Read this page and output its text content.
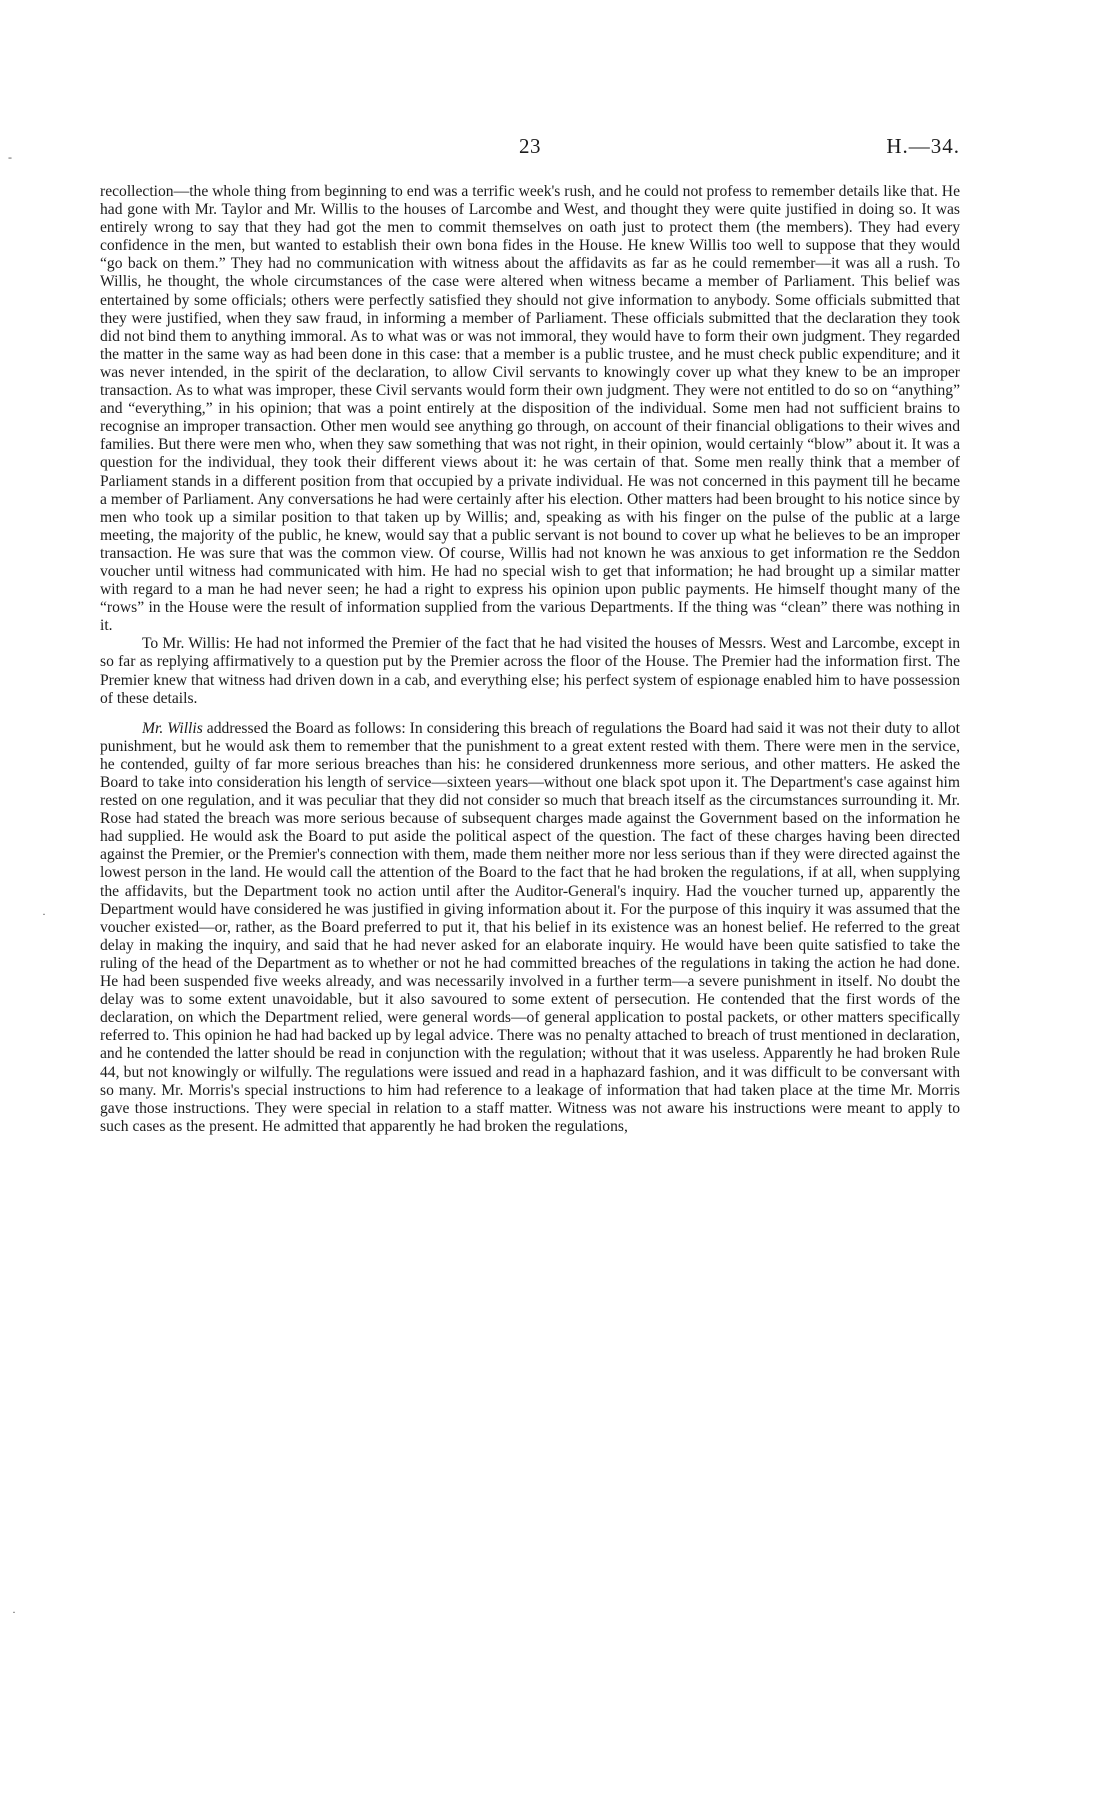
-
·
·
23	H.—34.

recollection—the whole thing from beginning to end was a terrific week's rush, and he could not profess to remember details like that. He had gone with Mr. Taylor and Mr. Willis to the houses of Larcombe and West, and thought they were quite justified in doing so. It was entirely wrong to say that they had got the men to commit themselves on oath just to protect them (the members). They had every confidence in the men, but wanted to establish their own bona fides in the House. He knew Willis too well to suppose that they would “go back on them.” They had no communication with witness about the affidavits as far as he could remember—it was all a rush. To Willis, he thought, the whole circumstances of the case were altered when witness became a member of Parliament. This belief was entertained by some officials; others were perfectly satisfied they should not give information to anybody. Some officials submitted that they were justified, when they saw fraud, in informing a member of Parliament. These officials submitted that the declaration they took did not bind them to anything immoral. As to what was or was not immoral, they would have to form their own judgment. They regarded the matter in the same way as had been done in this case: that a member is a public trustee, and he must check public expenditure; and it was never intended, in the spirit of the declaration, to allow Civil servants to knowingly cover up what they knew to be an improper transaction. As to what was improper, these Civil servants would form their own judgment. They were not entitled to do so on “anything” and “everything,” in his opinion; that was a point entirely at the disposition of the individual. Some men had not sufficient brains to recognise an improper transaction. Other men would see anything go through, on account of their financial obligations to their wives and families. But there were men who, when they saw something that was not right, in their opinion, would certainly “blow” about it. It was a question for the individual, they took their different views about it: he was certain of that. Some men really think that a member of Parliament stands in a different position from that occupied by a private individual. He was not concerned in this payment till he became a member of Parliament. Any conversations he had were certainly after his election. Other matters had been brought to his notice since by men who took up a similar position to that taken up by Willis; and, speaking as with his finger on the pulse of the public at a large meeting, the majority of the public, he knew, would say that a public servant is not bound to cover up what he believes to be an improper transaction. He was sure that was the common view. Of course, Willis had not known he was anxious to get information re the Seddon voucher until witness had communicated with him. He had no special wish to get that information; he had brought up a similar matter with regard to a man he had never seen; he had a right to express his opinion upon public payments. He himself thought many of the “rows” in the House were the result of information supplied from the various Departments. If the thing was “clean” there was nothing in it.

To Mr. Willis: He had not informed the Premier of the fact that he had visited the houses of Messrs. West and Larcombe, except in so far as replying affirmatively to a question put by the Premier across the floor of the House. The Premier had the information first. The Premier knew that witness had driven down in a cab, and everything else; his perfect system of espionage enabled him to have possession of these details.

Mr. Willis addressed the Board as follows: In considering this breach of regulations the Board had said it was not their duty to allot punishment, but he would ask them to remember that the punishment to a great extent rested with them. There were men in the service, he contended, guilty of far more serious breaches than his: he considered drunkenness more serious, and other matters. He asked the Board to take into consideration his length of service—sixteen years—without one black spot upon it. The Department's case against him rested on one regulation, and it was peculiar that they did not consider so much that breach itself as the circumstances surrounding it. Mr. Rose had stated the breach was more serious because of subsequent charges made against the Government based on the information he had supplied. He would ask the Board to put aside the political aspect of the question. The fact of these charges having been directed against the Premier, or the Premier's connection with them, made them neither more nor less serious than if they were directed against the lowest person in the land. He would call the attention of the Board to the fact that he had broken the regulations, if at all, when supplying the affidavits, but the Department took no action until after the Auditor-General's inquiry. Had the voucher turned up, apparently the Department would have considered he was justified in giving information about it. For the purpose of this inquiry it was assumed that the voucher existed—or, rather, as the Board preferred to put it, that his belief in its existence was an honest belief. He referred to the great delay in making the inquiry, and said that he had never asked for an elaborate inquiry. He would have been quite satisfied to take the ruling of the head of the Department as to whether or not he had committed breaches of the regulations in taking the action he had done. He had been suspended five weeks already, and was necessarily involved in a further term—a severe punishment in itself. No doubt the delay was to some extent unavoidable, but it also savoured to some extent of persecution. He contended that the first words of the declaration, on which the Department relied, were general words—of general application to postal packets, or other matters specifically referred to. This opinion he had had backed up by legal advice. There was no penalty attached to breach of trust mentioned in declaration, and he contended the latter should be read in conjunction with the regulation; without that it was useless. Apparently he had broken Rule 44, but not knowingly or wilfully. The regulations were issued and read in a haphazard fashion, and it was difficult to be conversant with so many. Mr. Morris's special instructions to him had reference to a leakage of information that had taken place at the time Mr. Morris gave those instructions. They were special in relation to a staff matter. Witness was not aware his instructions were meant to apply to such cases as the present. He admitted that apparently he had broken the regulations,
